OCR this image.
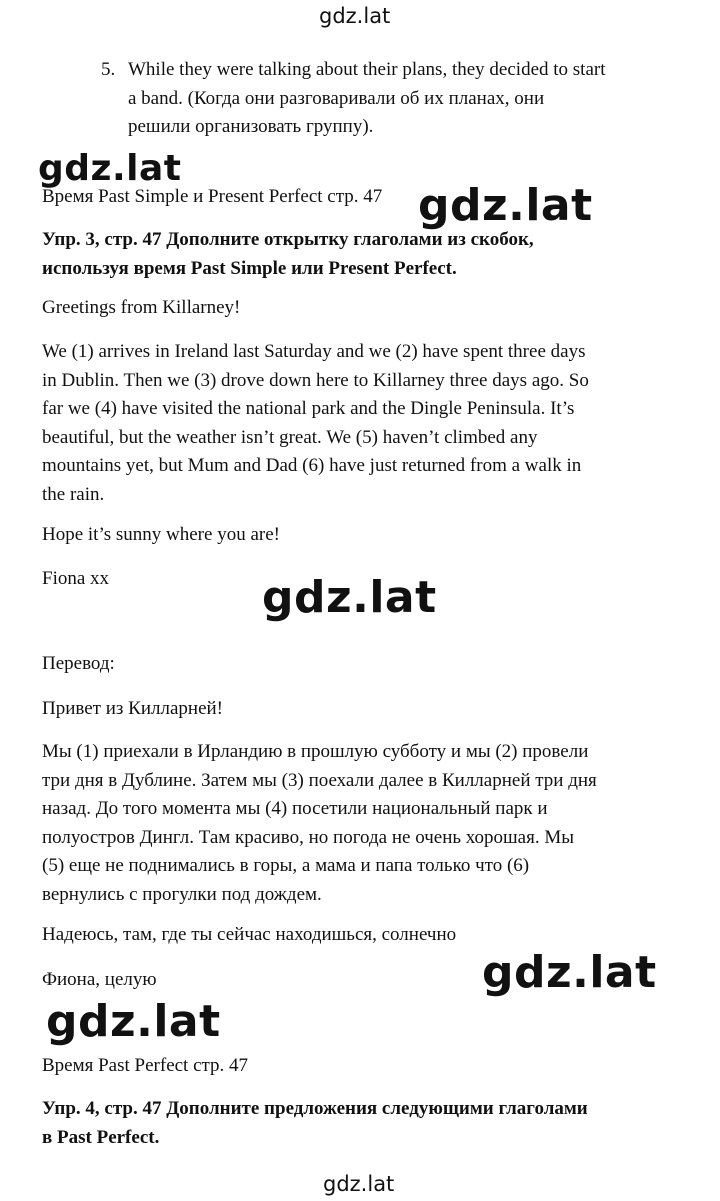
gdz.lat
5. While they were talking about their plans, they decided to start
a band. (Когда они разговаривали об их планах, они
решили организовать группу).
gdz.lat
Время Past Simple и Present Perfect стр. 47 gdz.lat
Упр. 3, стр. 47 Дополните открытку глаголами из скобок,
используя время Past Simple или Present Perfect.
Greetings from Killarney!
We (1) arrives in Ireland last Saturday and we (2) have spent three days
in Dublin. Then we (3) drove down here to Killarney three days ago. So
far we (4) have visited the national park and the Dingle Peninsula. It’s
beautiful, but the weather isn’t great. We (5) haven’t climbed any
mountains yet, but Mum and Dad (6) have just returned from a walk in
the rain.
Hope it’s sunny where you are!
Fiona xx	gdz.lat
Перевод:
Привет из Килларней!
Мы (1) приехали в Ирландию в прошлую субботу и мы (2) провели
три дня в Дублине. Затем мы (3) поехали далее в Килларней три дня
назад. До того момента мы (4) посетили национальный парк и
полуостров Дингл. Там красиво, но погода не очень хорошая. Мы
(5) еще не поднимались в горы, а мама и папа только что (6)
вернулись с прогулки под дождем.
Надеюсь, там, где ты сейчас находишься, солнечно
gdz.lat
Фиона, целую
gdz.lat
Время Past Perfect стр. 47
Упр. 4, стр. 47 Дополните предложения следующими глаголами
в Past Perfect.
gdz.lat
